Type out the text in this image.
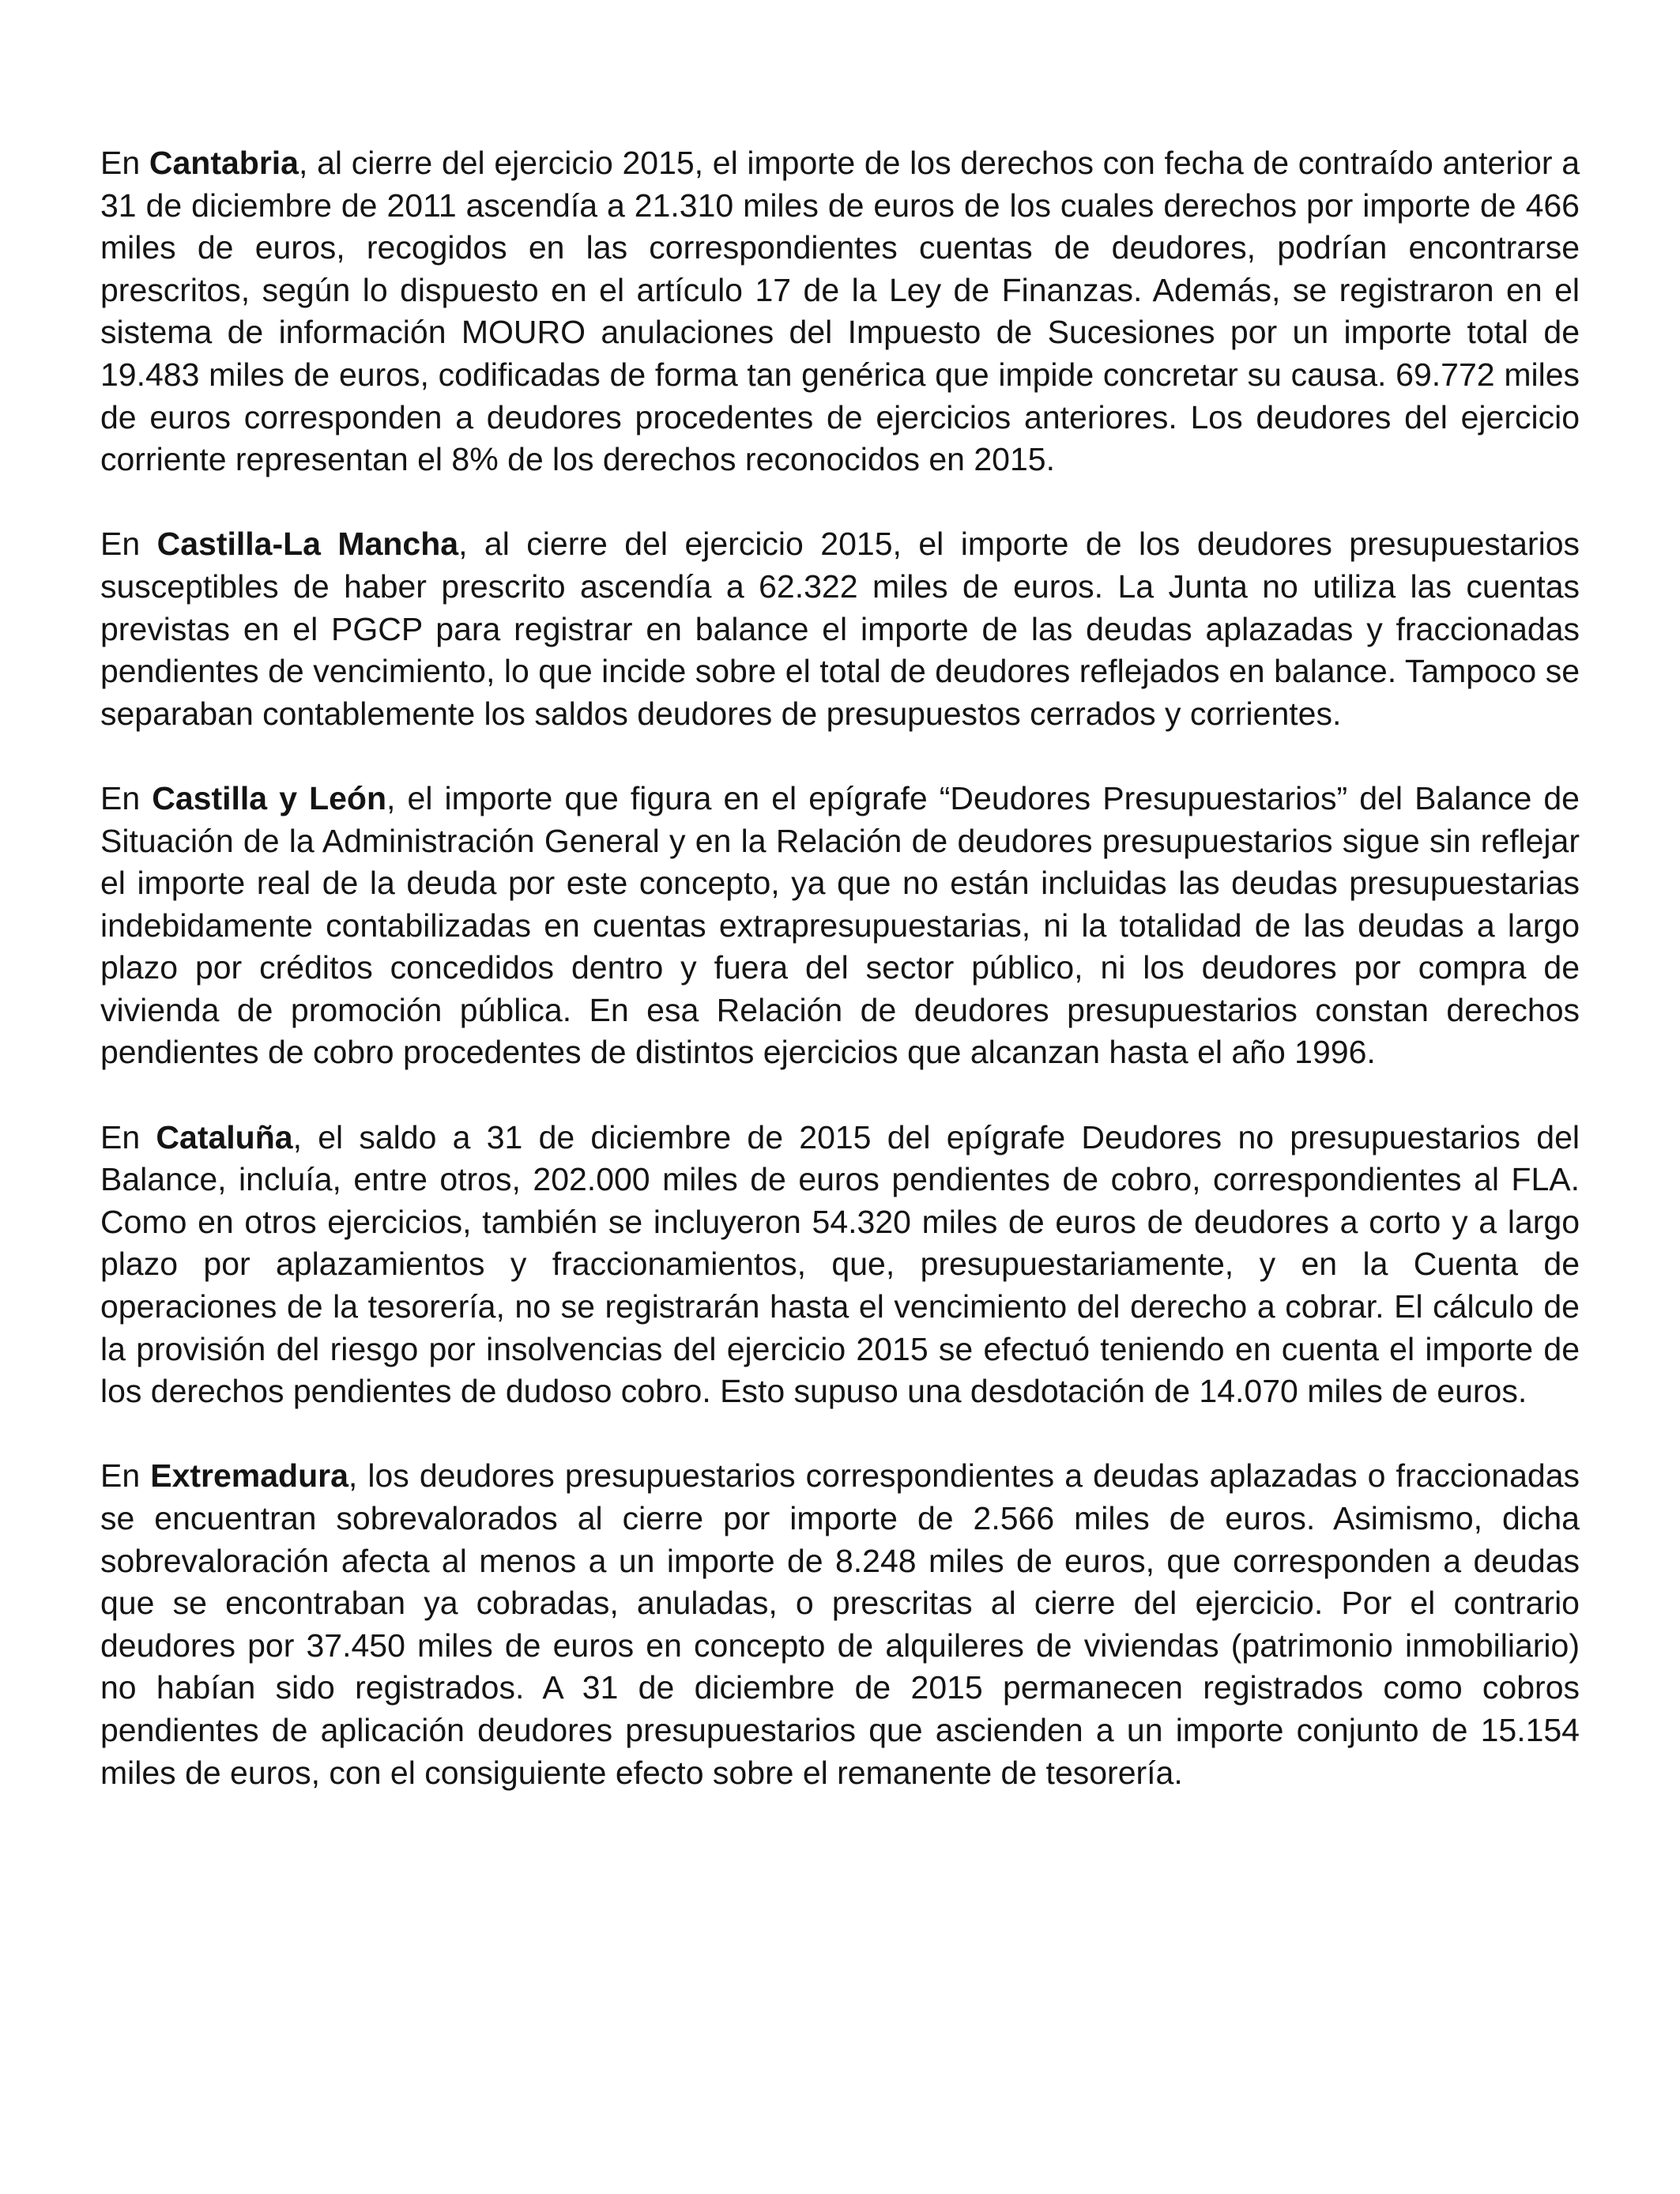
En Cantabria, al cierre del ejercicio 2015, el importe de los derechos con fecha de contraído anterior a 31 de diciembre de 2011 ascendía a 21.310 miles de euros de los cuales derechos por importe de 466 miles de euros, recogidos en las correspondientes cuentas de deudores, podrían encontrarse prescritos, según lo dispuesto en el artículo 17 de la Ley de Finanzas. Además, se registraron en el sistema de información MOURO anulaciones del Impuesto de Sucesiones por un importe total de 19.483 miles de euros, codificadas de forma tan genérica que impide concretar su causa. 69.772 miles de euros corresponden a deudores procedentes de ejercicios anteriores. Los deudores del ejercicio corriente representan el 8% de los derechos reconocidos en 2015.

En Castilla-La Mancha, al cierre del ejercicio 2015, el importe de los deudores presupuestarios susceptibles de haber prescrito ascendía a 62.322 miles de euros. La Junta no utiliza las cuentas previstas en el PGCP para registrar en balance el importe de las deudas aplazadas y fraccionadas pendientes de vencimiento, lo que incide sobre el total de deudores reflejados en balance. Tampoco se separaban contablemente los saldos deudores de presupuestos cerrados y corrientes.

En Castilla y León, el importe que figura en el epígrafe “Deudores Presupuestarios” del Balance de Situación de la Administración General y en la Relación de deudores presupuestarios sigue sin reflejar el importe real de la deuda por este concepto, ya que no están incluidas las deudas presupuestarias indebidamente contabilizadas en cuentas extrapresupuestarias, ni la totalidad de las deudas a largo plazo por créditos concedidos dentro y fuera del sector público, ni los deudores por compra de vivienda de promoción pública. En esa Relación de deudores presupuestarios constan derechos pendientes de cobro procedentes de distintos ejercicios que alcanzan hasta el año 1996.

En Cataluña, el saldo a 31 de diciembre de 2015 del epígrafe Deudores no presupuestarios del Balance, incluía, entre otros, 202.000 miles de euros pendientes de cobro, correspondientes al FLA. Como en otros ejercicios, también se incluyeron 54.320 miles de euros de deudores a corto y a largo plazo por aplazamientos y fraccionamientos, que, presupuestariamente, y en la Cuenta de operaciones de la tesorería, no se registrarán hasta el vencimiento del derecho a cobrar. El cálculo de la provisión del riesgo por insolvencias del ejercicio 2015 se efectuó teniendo en cuenta el importe de los derechos pendientes de dudoso cobro. Esto supuso una desdotación de 14.070 miles de euros.

En Extremadura, los deudores presupuestarios correspondientes a deudas aplazadas o fraccionadas se encuentran sobrevalorados al cierre por importe de 2.566 miles de euros. Asimismo, dicha sobrevaloración afecta al menos a un importe de 8.248 miles de euros, que corresponden a deudas que se encontraban ya cobradas, anuladas, o prescritas al cierre del ejercicio. Por el contrario deudores por 37.450 miles de euros en concepto de alquileres de viviendas (patrimonio inmobiliario) no habían sido registrados. A 31 de diciembre de 2015 permanecen registrados como cobros pendientes de aplicación deudores presupuestarios que ascienden a un importe conjunto de 15.154 miles de euros, con el consiguiente efecto sobre el remanente de tesorería.
